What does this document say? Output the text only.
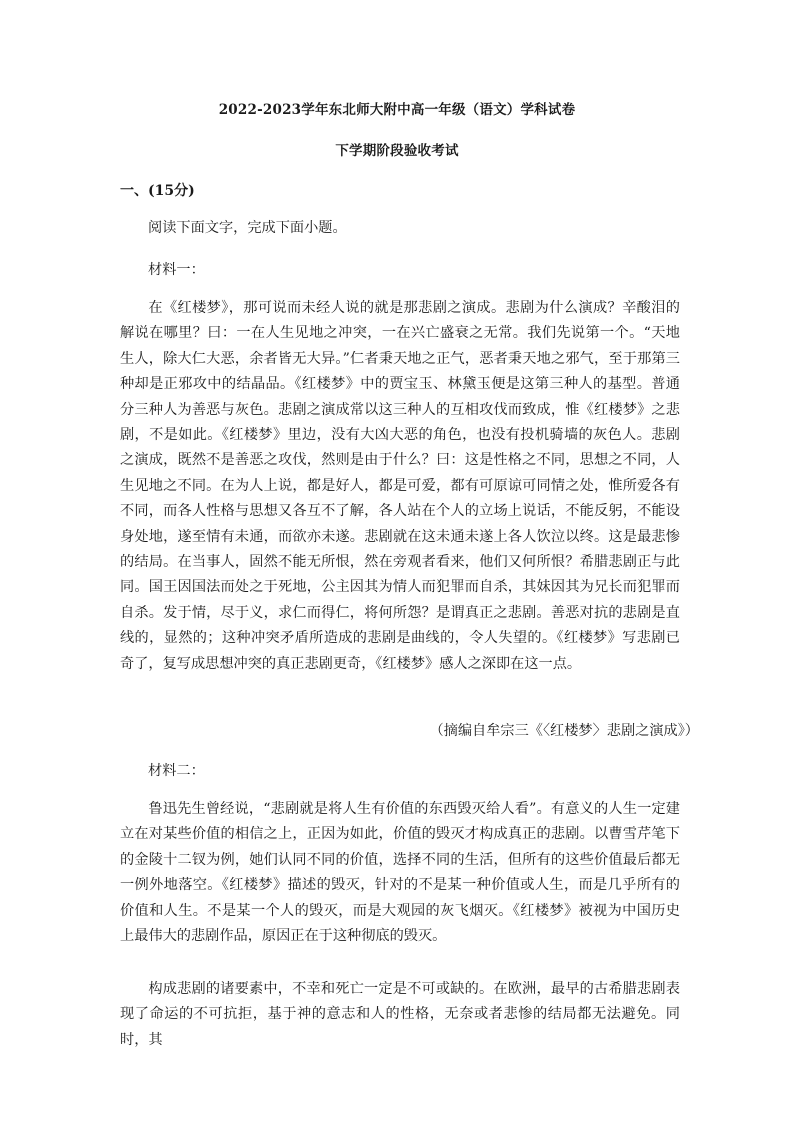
2022-2023学年东北师大附中高一年级（语文）学科试卷
下学期阶段验收考试
一、(15分)
阅读下面文字，完成下面小题。
材料一：

在《红楼梦》，那可说而未经人说的就是那悲剧之演成。悲剧为什么演成？辛酸泪的解说在哪里？曰：一在人生见地之冲突，一在兴亡盛衰之无常。我们先说第一个。“天地生人，除大仁大恶，余者皆无大异。”仁者秉天地之正气，恶者秉天地之邪气，至于那第三种却是正邪攻中的结晶品。《红楼梦》中的贾宝玉、林黛玉便是这第三种人的基型。普通分三种人为善恶与灰色。悲剧之演成常以这三种人的互相攻伐而致成，惟《红楼梦》之悲剧，不是如此。《红楼梦》里边，没有大凶大恶的角色，也没有投机骑墙的灰色人。悲剧之演成，既然不是善恶之攻伐，然则是由于什么？曰：这是性格之不同，思想之不同，人生见地之不同。在为人上说，都是好人，都是可爱，都有可原谅可同情之处，惟所爱各有不同，而各人性格与思想又各互不了解，各人站在个人的立场上说话，不能反躬，不能设身处地，遂至情有未通，而欲亦未遂。悲剧就在这未通未遂上各人饮泣以终。这是最悲惨的结局。在当事人，固然不能无所恨，然在旁观者看来，他们又何所恨？希腊悲剧正与此同。国王因国法而处之于死地，公主因其为情人而犯罪而自杀，其妹因其为兄长而犯罪而自杀。发于情，尽于义，求仁而得仁，将何所怨？是谓真正之悲剧。善恶对抗的悲剧是直线的，显然的；这种冲突矛盾所造成的悲剧是曲线的，令人失望的。《红楼梦》写悲剧已奇了，复写成思想冲突的真正悲剧更奇，《红楼梦》感人之深即在这一点。

（摘编自牟宗三《〈红楼梦〉悲剧之演成》）
材料二：

鲁迅先生曾经说，“悲剧就是将人生有价值的东西毁灭给人看”。有意义的人生一定建立在对某些价值的相信之上，正因为如此，价值的毁灭才构成真正的悲剧。以曹雪芹笔下的金陵十二钗为例，她们认同不同的价值，选择不同的生活，但所有的这些价值最后都无一例外地落空。《红楼梦》描述的毁灭，针对的不是某一种价值或人生，而是几乎所有的价值和人生。不是某一个人的毁灭，而是大观园的灰飞烟灭。《红楼梦》被视为中国历史上最伟大的悲剧作品，原因正在于这种彻底的毁灭。

构成悲剧的诸要素中，不幸和死亡一定是不可或缺的。在欧洲，最早的古希腊悲剧表现了命运的不可抗拒，基于神的意志和人的性格，无奈或者悲惨的结局都无法避免。同时，其
